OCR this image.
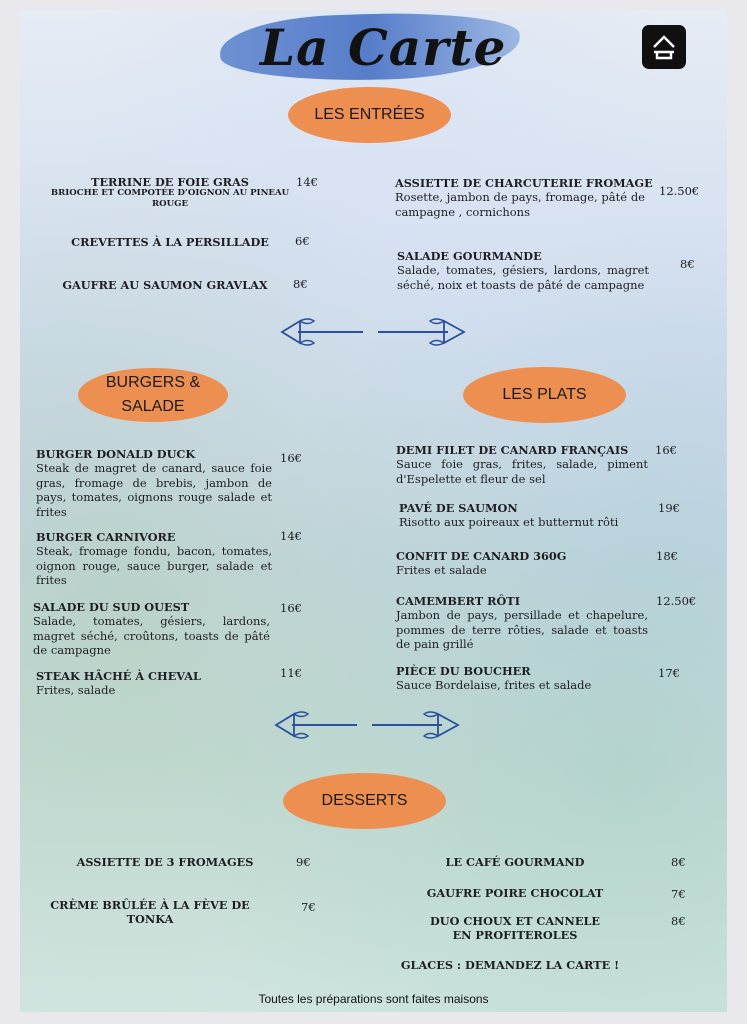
La Carte
LES ENTRÉES
TERRINE DE FOIE GRAS
BRIOCHE ET COMPOTÉE D’OIGNON AU PINEAU ROUGE
14€
CREVETTES À LA PERSILLADE	6€
GAUFRE AU SAUMON GRAVLAX	8€
ASSIETTE DE CHARCUTERIE FROMAGE
Rosette, jambon de pays, fromage, pâté de campagne , cornichons
12.50€
SALADE GOURMANDE
Salade, tomates, gésiers, lardons, magret séché, noix et toasts de pâté de campagne
8€
BURGERS & SALADE
BURGER DONALD DUCK
Steak de magret de canard, sauce foie gras, fromage de brebis, jambon de pays, tomates, oignons rouge salade et frites
16€
BURGER CARNIVORE
Steak, fromage fondu, bacon, tomates, oignon rouge, sauce burger, salade et frites
14€
SALADE DU SUD OUEST
Salade, tomates, gésiers, lardons, magret séché, croûtons, toasts de pâté de campagne
16€
STEAK HÂCHÉ À CHEVAL
Frites, salade
11€
LES PLATS
DEMI FILET DE CANARD FRANÇAIS
Sauce foie gras, frites, salade, piment d'Espelette et fleur de sel
16€
PAVÉ DE SAUMON
Risotto aux poireaux et butternut rôti
19€
CONFIT DE CANARD 360G
Frites et salade
18€
CAMEMBERT RÔTI
Jambon de pays, persillade et chapelure, pommes de terre rôties, salade et toasts de pain grillé
12.50€
PIÈCE DU BOUCHER
Sauce Bordelaise, frites et salade
17€
DESSERTS
ASSIETTE DE 3 FROMAGES	9€
CRÈME BRÛLÉE À LA FÈVE DE TONKA
7€
LE CAFÉ GOURMAND	8€
GAUFRE POIRE CHOCOLAT	7€
DUO CHOUX ET CANNELE EN PROFITEROLES
8€
GLACES : DEMANDEZ LA CARTE !
Toutes les préparations sont faites maisons
